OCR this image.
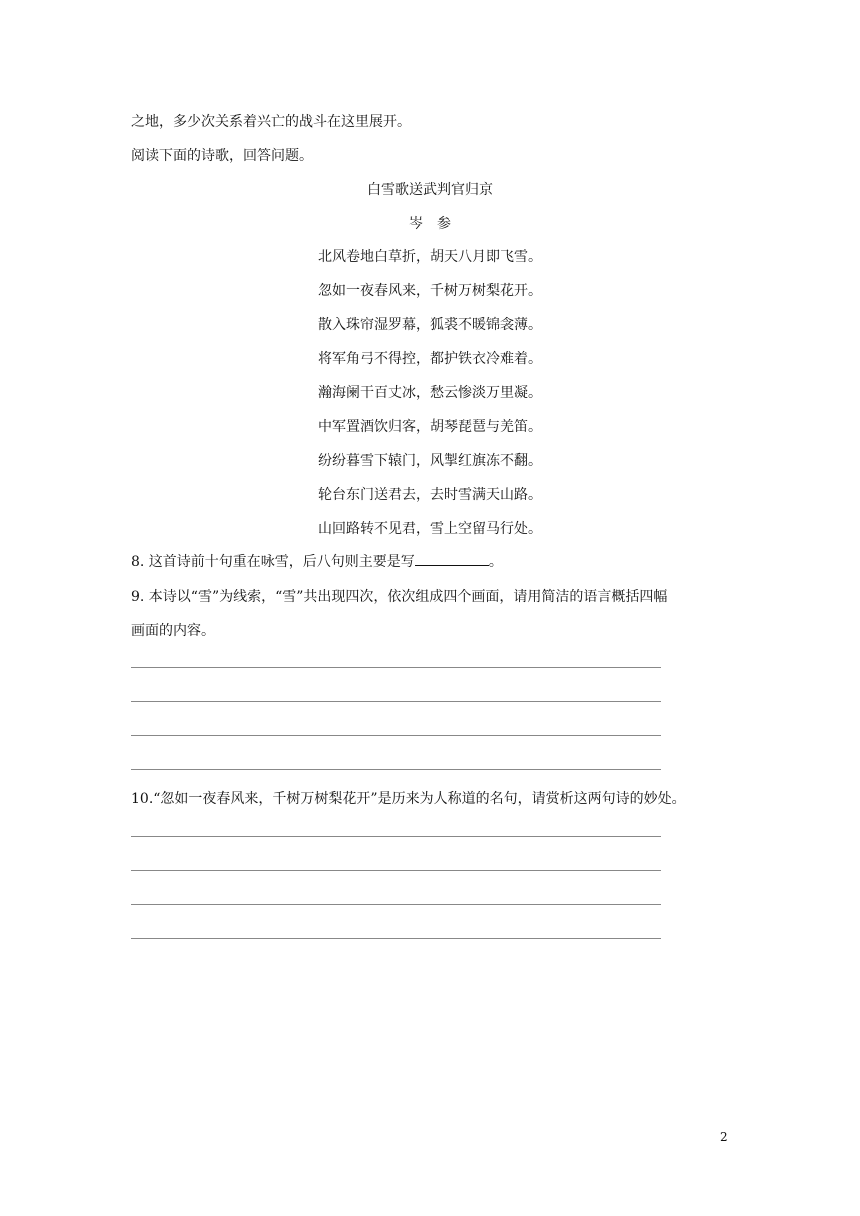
之地，多少次关系着兴亡的战斗在这里展开。
阅读下面的诗歌，回答问题。
白雪歌送武判官归京
岑　参
北风卷地白草折，胡天八月即飞雪。
忽如一夜春风来，千树万树梨花开。
散入珠帘湿罗幕，狐裘不暖锦衾薄。
将军角弓不得控，都护铁衣冷难着。
瀚海阑干百丈冰，愁云惨淡万里凝。
中军置酒饮归客，胡琴琵琶与羌笛。
纷纷暮雪下辕门，风掣红旗冻不翻。
轮台东门送君去，去时雪满天山路。
山回路转不见君，雪上空留马行处。
8. 这首诗前十句重在咏雪，后八句则主要是写	。
9. 本诗以“雪”为线索，“雪”共出现四次，依次组成四个画面，请用简洁的语言概括四幅
画面的内容。
10.“忽如一夜春风来，千树万树梨花开”是历来为人称道的名句，请赏析这两句诗的妙处。
2
